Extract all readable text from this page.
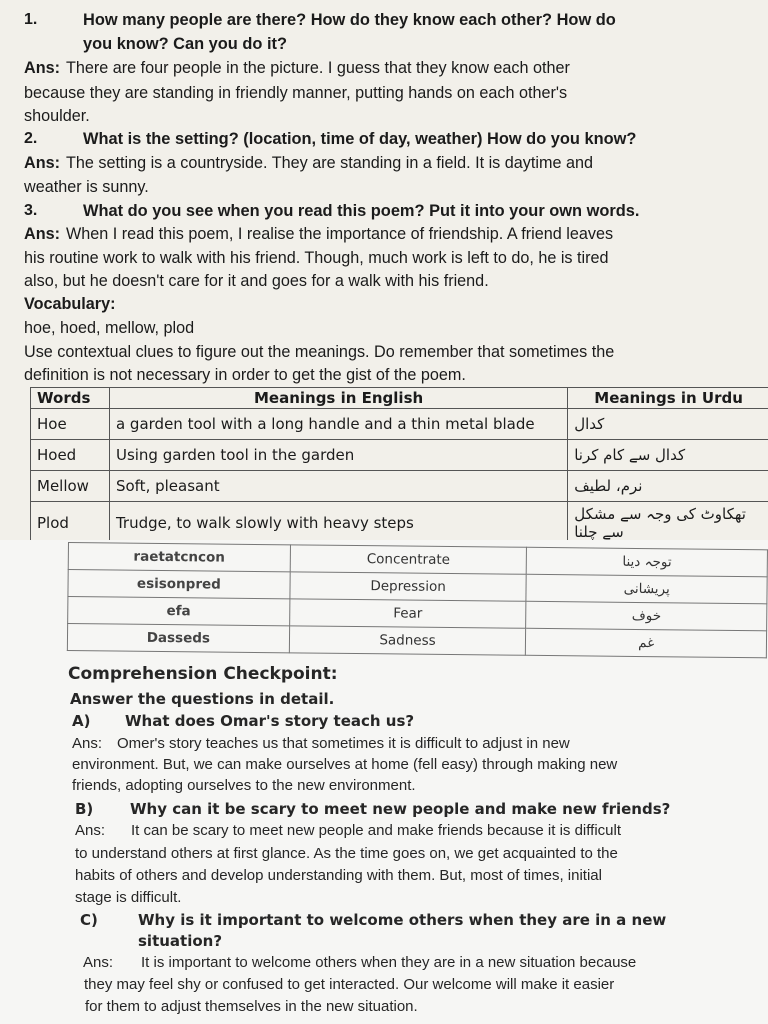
1.	How many people are there? How do they know each other? How do
you know? Can you do it?
Ans: There are four people in the picture. I guess that they know each other
because they are standing in friendly manner, putting hands on each other's
shoulder.
2.	What is the setting? (location, time of day, weather) How do you know?
Ans: The setting is a countryside. They are standing in a field. It is daytime and
weather is sunny.
3.	What do you see when you read this poem? Put it into your own words.
Ans: When I read this poem, I realise the importance of friendship. A friend leaves
his routine work to walk with his friend. Though, much work is left to do, he is tired
also, but he doesn't care for it and goes for a walk with his friend.
Vocabulary:
hoe, hoed, mellow, plod
Use contextual clues to figure out the meanings. Do remember that sometimes the
definition is not necessary in order to get the gist of the poem.
Words	Meanings in English	Meanings in Urdu
Hoe	a garden tool with a long handle and a thin metal blade	کدال
Hoed	Using garden tool in the garden	کدال سے کام کرنا
Mellow	Soft, pleasant	نرم، لطیف
Plod	Trudge, to walk slowly with heavy steps	تھکاوٹ کی وجہ سے مشکل سے چلنا
raetatcncon	Concentrate	توجہ دینا
esisonpred	Depression	پریشانی
efa	Fear	خوف
Dasseds	Sadness	غم
Comprehension Checkpoint:
Answer the questions in detail.
A) What does Omar's story teach us?
Ans: Omer's story teaches us that sometimes it is difficult to adjust in new
environment. But, we can make ourselves at home (fell easy) through making new
friends, adopting ourselves to the new environment.
B) Why can it be scary to meet new people and make new friends?
Ans: It can be scary to meet new people and make friends because it is difficult
to understand others at first glance. As the time goes on, we get acquainted to the
habits of others and develop understanding with them. But, most of times, initial
stage is difficult.
C)	Why is it important to welcome others when they are in a new
situation?
Ans: It is important to welcome others when they are in a new situation because
they may feel shy or confused to get interacted. Our welcome will make it easier
for them to adjust themselves in the new situation.
